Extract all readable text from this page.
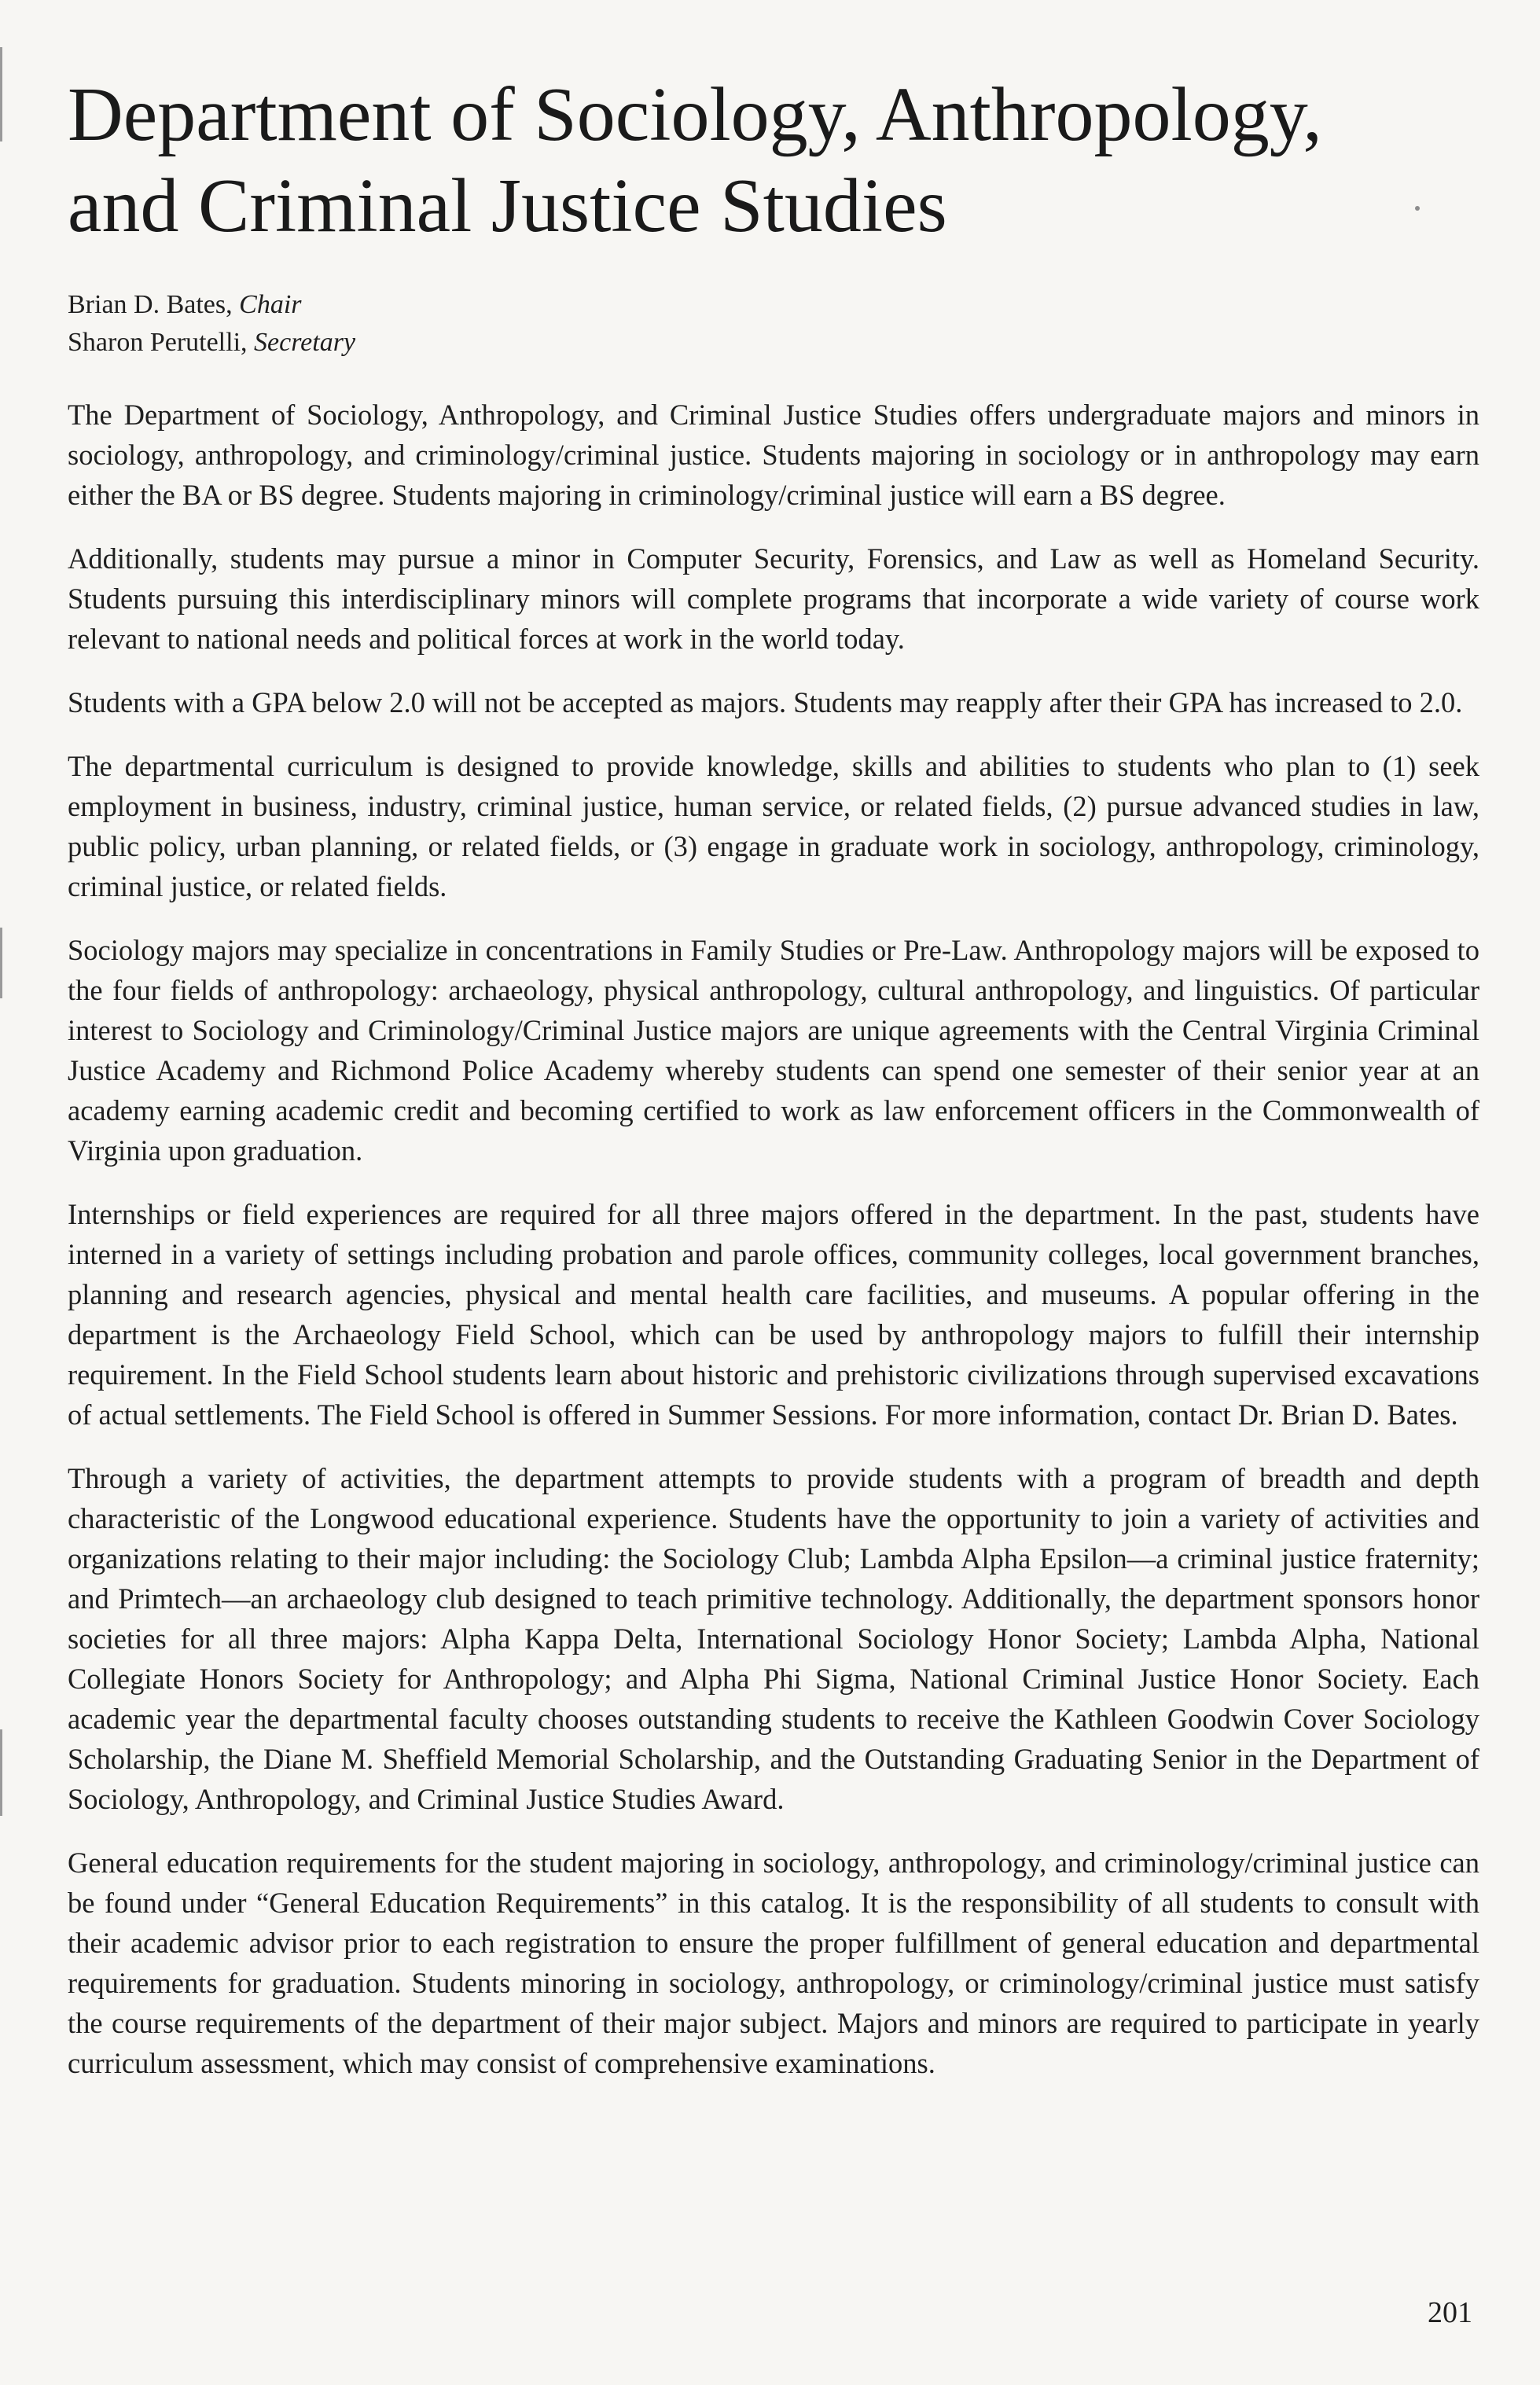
Department of Sociology, Anthropology,
and Criminal Justice Studies
Brian D. Bates, Chair
Sharon Perutelli, Secretary

The Department of Sociology, Anthropology, and Criminal Justice Studies offers undergraduate majors and minors in sociology, anthropology, and criminology/criminal justice. Students majoring in sociology or in anthropology may earn either the BA or BS degree. Students majoring in criminology/criminal justice will earn a BS degree.

Additionally, students may pursue a minor in Computer Security, Forensics, and Law as well as Homeland Security. Students pursuing this interdisciplinary minors will complete programs that incorporate a wide variety of course work relevant to national needs and political forces at work in the world today.

Students with a GPA below 2.0 will not be accepted as majors. Students may reapply after their GPA has increased to 2.0.

The departmental curriculum is designed to provide knowledge, skills and abilities to students who plan to (1) seek employment in business, industry, criminal justice, human service, or related fields, (2) pursue advanced studies in law, public policy, urban planning, or related fields, or (3) engage in graduate work in sociology, anthropology, criminology, criminal justice, or related fields.

Sociology majors may specialize in concentrations in Family Studies or Pre-Law. Anthropology majors will be exposed to the four fields of anthropology: archaeology, physical anthropology, cultural anthropology, and linguistics. Of particular interest to Sociology and Criminology/Criminal Justice majors are unique agreements with the Central Virginia Criminal Justice Academy and Richmond Police Academy whereby students can spend one semester of their senior year at an academy earning academic credit and becoming certified to work as law enforcement officers in the Commonwealth of Virginia upon graduation.

Internships or field experiences are required for all three majors offered in the department. In the past, students have interned in a variety of settings including probation and parole offices, community colleges, local government branches, planning and research agencies, physical and mental health care facilities, and museums. A popular offering in the department is the Archaeology Field School, which can be used by anthropology majors to fulfill their internship requirement. In the Field School students learn about historic and prehistoric civilizations through supervised excavations of actual settlements. The Field School is offered in Summer Sessions. For more information, contact Dr. Brian D. Bates.

Through a variety of activities, the department attempts to provide students with a program of breadth and depth characteristic of the Longwood educational experience. Students have the opportunity to join a variety of activities and organizations relating to their major including: the Sociology Club; Lambda Alpha Epsilon—a criminal justice fraternity; and Primtech—an archaeology club designed to teach primitive technology. Additionally, the department sponsors honor societies for all three majors: Alpha Kappa Delta, International Sociology Honor Society; Lambda Alpha, National Collegiate Honors Society for Anthropology; and Alpha Phi Sigma, National Criminal Justice Honor Society. Each academic year the departmental faculty chooses outstanding students to receive the Kathleen Goodwin Cover Sociology Scholarship, the Diane M. Sheffield Memorial Scholarship, and the Outstanding Graduating Senior in the Department of Sociology, Anthropology, and Criminal Justice Studies Award.

General education requirements for the student majoring in sociology, anthropology, and criminology/criminal justice can be found under “General Education Requirements” in this catalog. It is the responsibility of all students to consult with their academic advisor prior to each registration to ensure the proper fulfillment of general education and departmental requirements for graduation. Students minoring in sociology, anthropology, or criminology/criminal justice must satisfy the course requirements of the department of their major subject. Majors and minors are required to participate in yearly curriculum assessment, which may consist of comprehensive examinations.

201
